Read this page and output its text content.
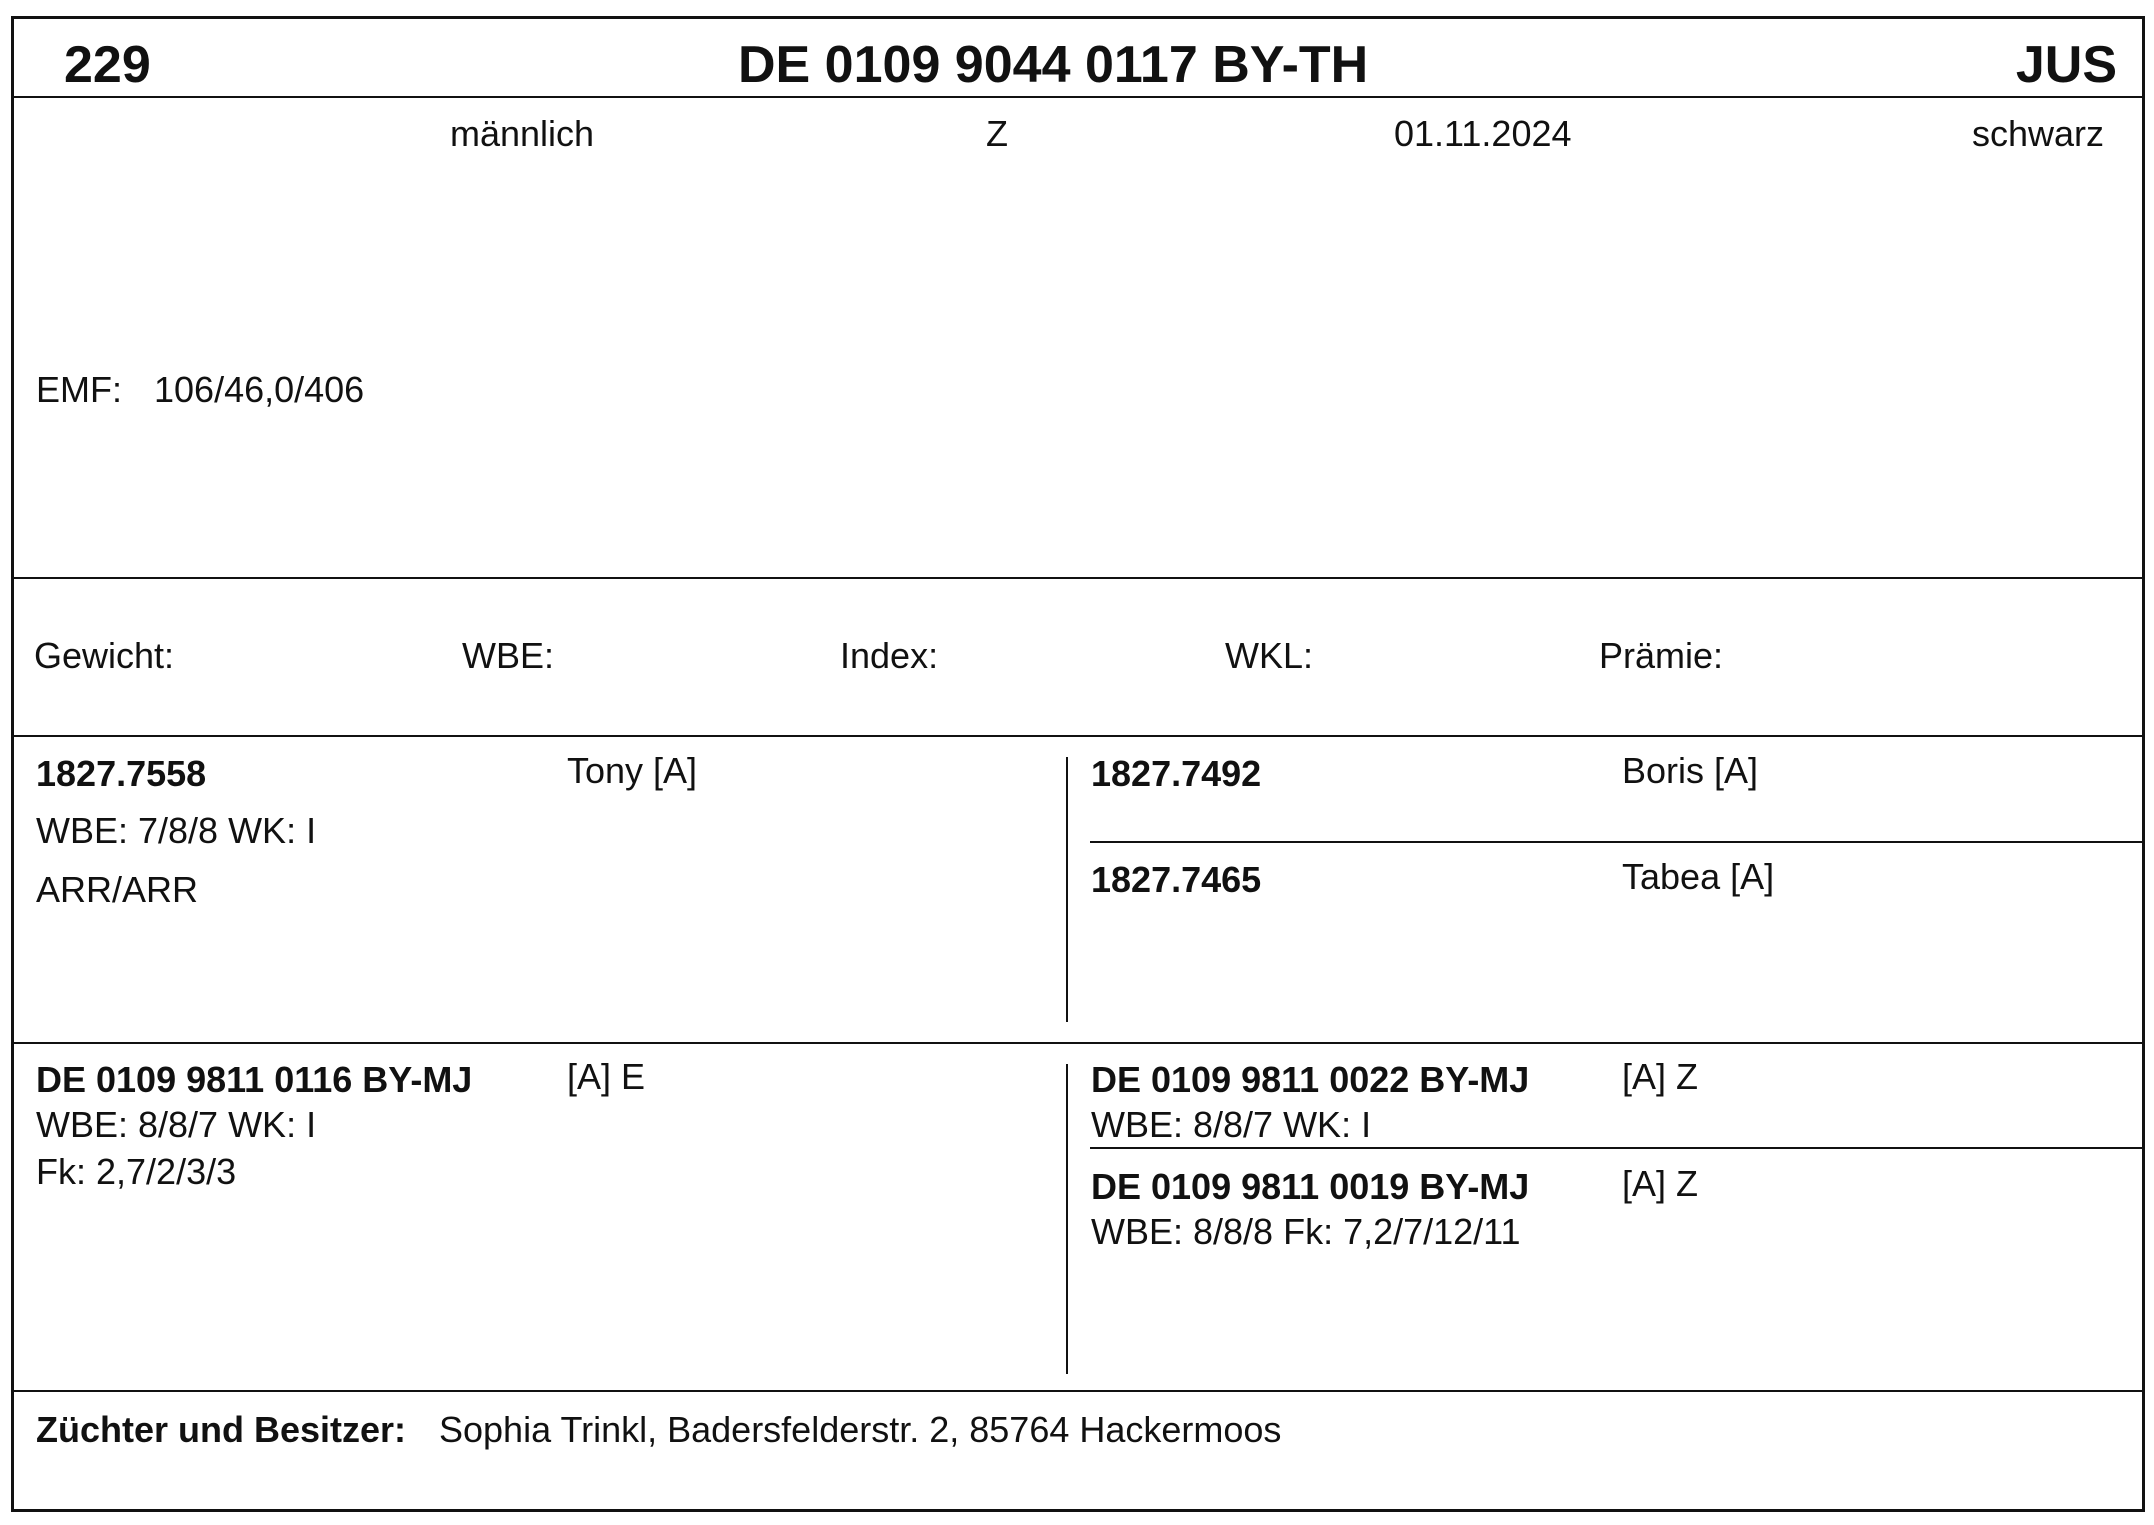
229	DE 0109 9044 0117 BY-TH	JUS
männlich	Z	01.11.2024	schwarz
EMF: 106/46,0/406
Gewicht:	WBE:	Index:	WKL:	Prämie:
1827.7558	Tony [A]
WBE: 7/8/8 WK: I
ARR/ARR
1827.7492	Boris [A]
1827.7465	Tabea [A]
DE 0109 9811 0116 BY-MJ	[A] E
WBE: 8/8/7 WK: I
Fk: 2,7/2/3/3
DE 0109 9811 0022 BY-MJ	[A] Z
WBE: 8/8/7 WK: I
DE 0109 9811 0019 BY-MJ	[A] Z
WBE: 8/8/8 Fk: 7,2/7/12/11
Züchter und Besitzer: Sophia Trinkl, Badersfelderstr. 2, 85764 Hackermoos
